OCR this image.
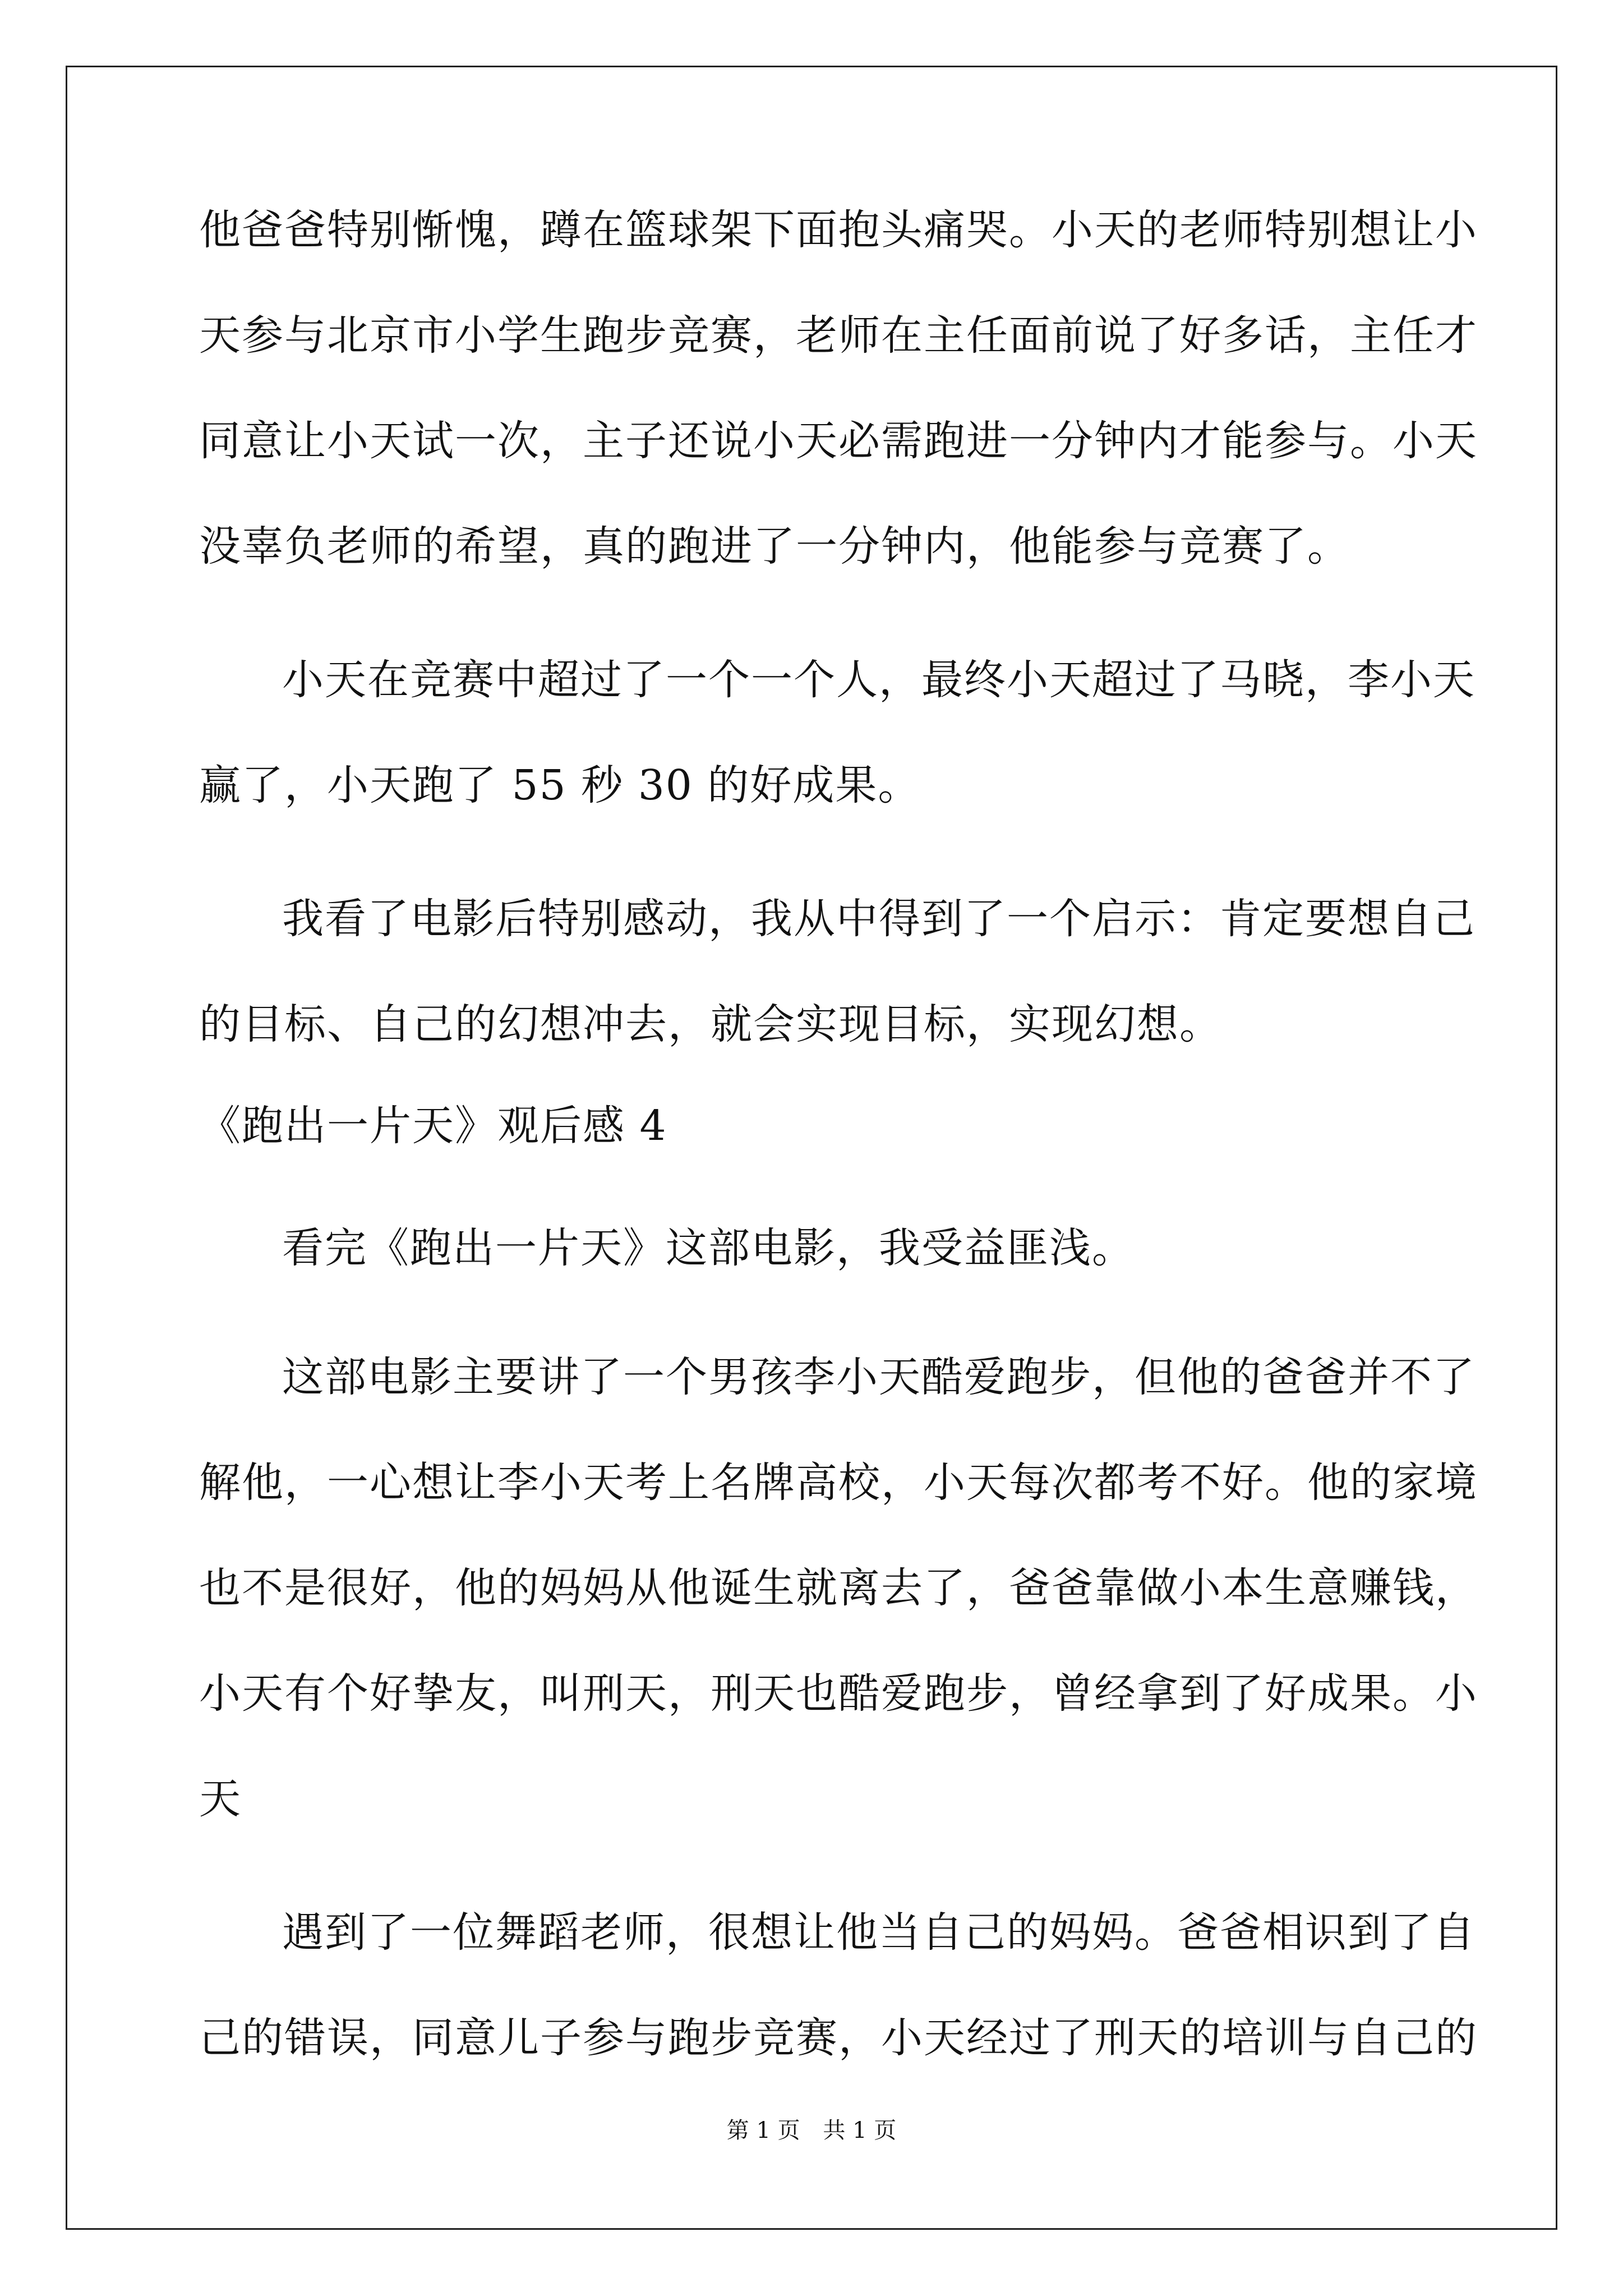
他爸爸特别惭愧，蹲在篮球架下面抱头痛哭。小天的老师特别想让小
天参与北京市小学生跑步竞赛，老师在主任面前说了好多话，主任才
同意让小天试一次，主子还说小天必需跑进一分钟内才能参与。小天
没辜负老师的希望，真的跑进了一分钟内，他能参与竞赛了。
小天在竞赛中超过了一个一个人，最终小天超过了马晓，李小天
赢了，小天跑了 55 秒 30 的好成果。
我看了电影后特别感动，我从中得到了一个启示：肯定要想自己
的目标、自己的幻想冲去，就会实现目标，实现幻想。
《跑出一片天》观后感 4
看完《跑出一片天》这部电影，我受益匪浅。
这部电影主要讲了一个男孩李小天酷爱跑步，但他的爸爸并不了
解他，一心想让李小天考上名牌高校，小天每次都考不好。他的家境
也不是很好，他的妈妈从他诞生就离去了，爸爸靠做小本生意赚钱，
小天有个好挚友，叫刑天，刑天也酷爱跑步，曾经拿到了好成果。小
天
遇到了一位舞蹈老师，很想让他当自己的妈妈。爸爸相识到了自
己的错误，同意儿子参与跑步竞赛，小天经过了刑天的培训与自己的
第 1 页 共 1 页
